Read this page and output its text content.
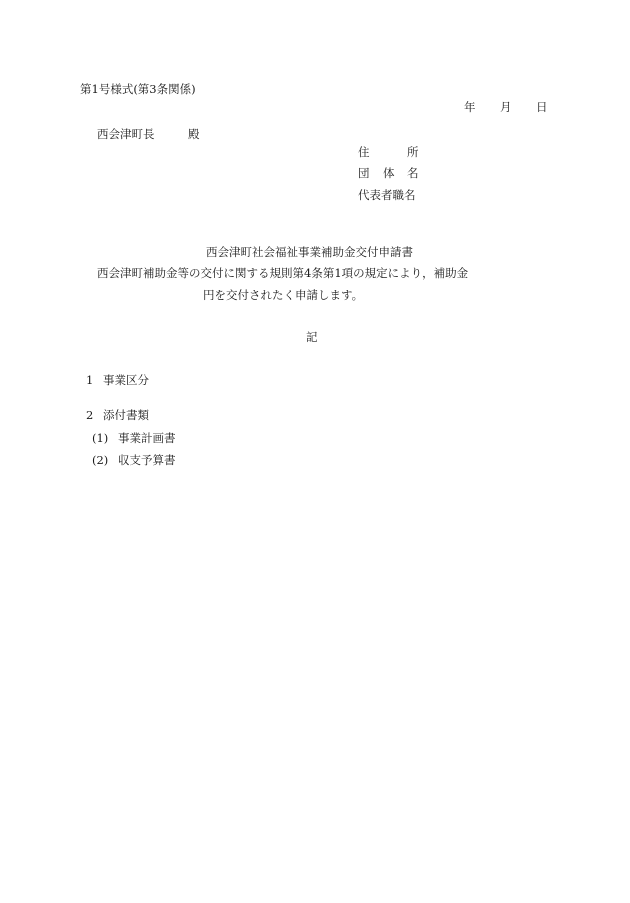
第1号様式(第3条関係)
年 月 日
西会津町長	殿
住	所
団 体 名
代表者職名
西会津町社会福祉事業補助金交付申請書
西会津町補助金等の交付に関する規則第4条第1項の規定により，補助金
円を交付されたく申請します。
記
1 事業区分
2 添付書類
(1) 事業計画書
(2) 収支予算書
